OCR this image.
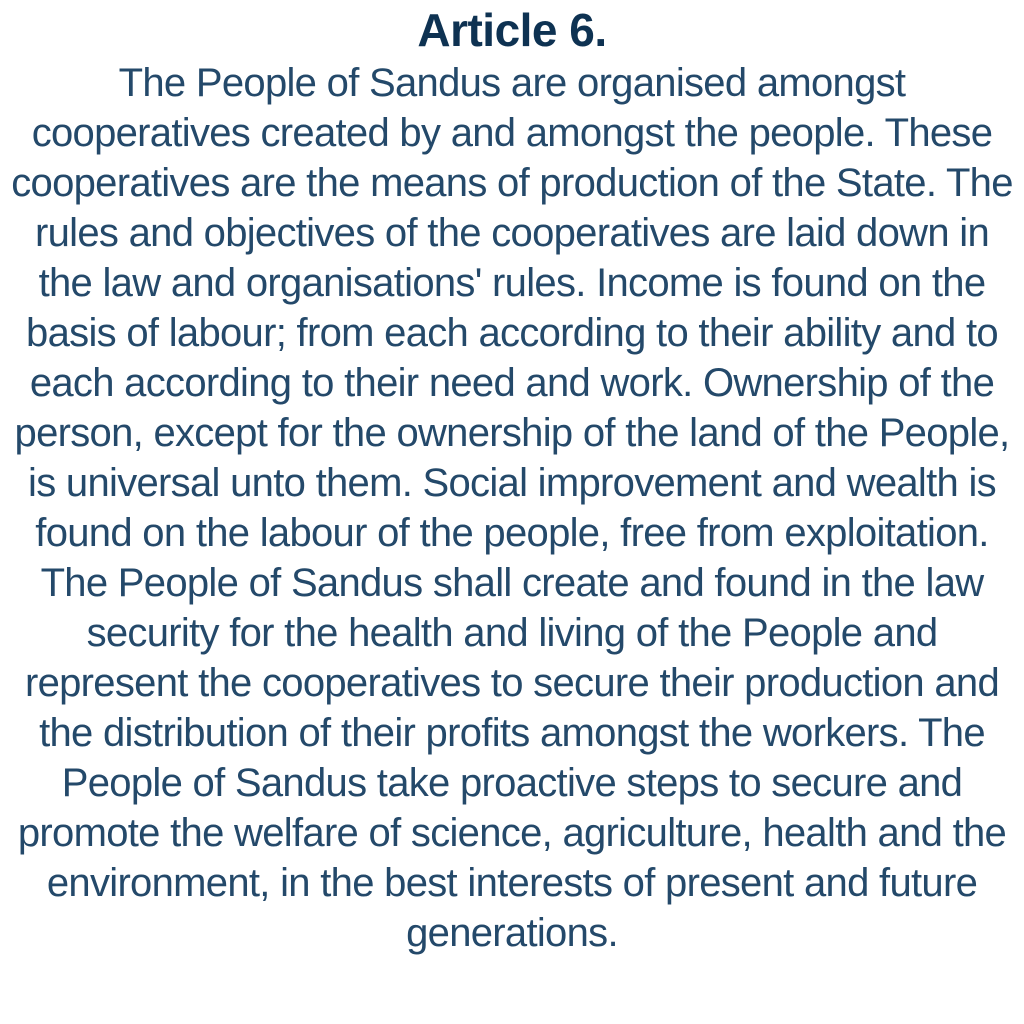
Article 6.

The People of Sandus are organised amongst cooperatives created by and amongst the people. These cooperatives are the means of production of the State. The rules and objectives of the cooperatives are laid down in the law and organisations' rules. Income is found on the basis of labour; from each according to their ability and to each according to their need and work. Ownership of the person, except for the ownership of the land of the People, is universal unto them. Social improvement and wealth is found on the labour of the people, free from exploitation. The People of Sandus shall create and found in the law security for the health and living of the People and represent the cooperatives to secure their production and the distribution of their profits amongst the workers. The People of Sandus take proactive steps to secure and promote the welfare of science, agriculture, health and the environment, in the best interests of present and future generations.
